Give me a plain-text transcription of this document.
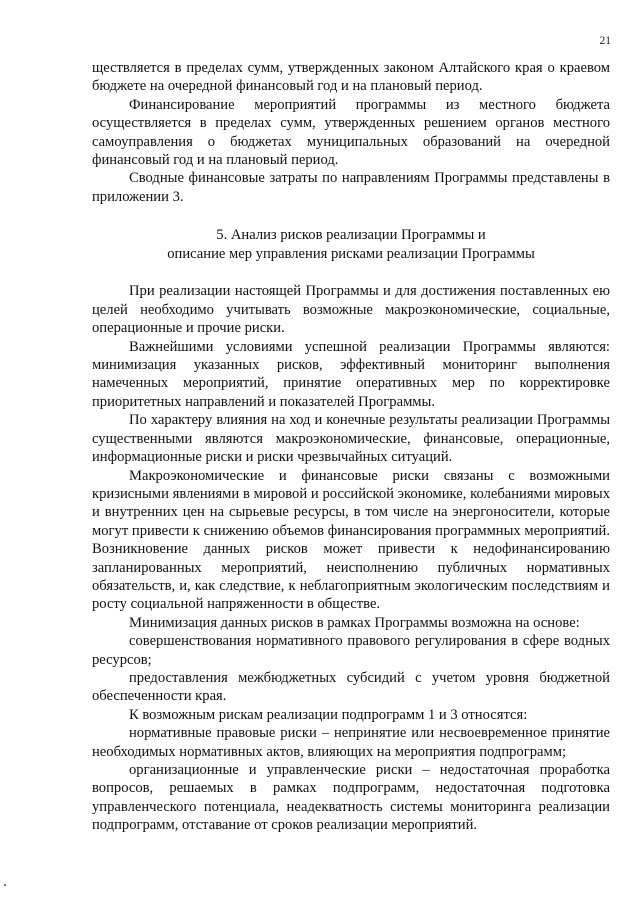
21

ществляется в пределах сумм, утвержденных законом Алтайского края о краевом бюджете на очередной финансовый год и на плановый период.

Финансирование мероприятий программы из местного бюджета осуществляется в пределах сумм, утвержденных решением органов местного самоуправления о бюджетах муниципальных образований на очередной финансовый год и на плановый период.

Сводные финансовые затраты по направлениям Программы представлены в приложении 3.

5. Анализ рисков реализации Программы и
описание мер управления рисками реализации Программы

При реализации настоящей Программы и для достижения поставленных ею целей необходимо учитывать возможные макроэкономические, социальные, операционные и прочие риски.

Важнейшими условиями успешной реализации Программы являются: минимизация указанных рисков, эффективный мониторинг выполнения намеченных мероприятий, принятие оперативных мер по корректировке приоритетных направлений и показателей Программы.

По характеру влияния на ход и конечные результаты реализации Программы существенными являются макроэкономические, финансовые, операционные, информационные риски и риски чрезвычайных ситуаций.

Макроэкономические и финансовые риски связаны с возможными кризисными явлениями в мировой и российской экономике, колебаниями мировых и внутренних цен на сырьевые ресурсы, в том числе на энергоносители, которые могут привести к снижению объемов финансирования программных мероприятий. Возникновение данных рисков может привести к недофинансированию запланированных мероприятий, неисполнению публичных нормативных обязательств, и, как следствие, к неблагоприятным экологическим последствиям и росту социальной напряженности в обществе.

Минимизация данных рисков в рамках Программы возможна на основе:

совершенствования нормативного правового регулирования в сфере водных ресурсов;

предоставления межбюджетных субсидий с учетом уровня бюджетной обеспеченности края.

К возможным рискам реализации подпрограмм 1 и 3 относятся:

нормативные правовые риски – непринятие или несвоевременное принятие необходимых нормативных актов, влияющих на мероприятия подпрограмм;

организационные и управленческие риски – недостаточная проработка вопросов, решаемых в рамках подпрограмм, недостаточная подготовка управленческого потенциала, неадекватность системы мониторинга реализации подпрограмм, отставание от сроков реализации мероприятий.
